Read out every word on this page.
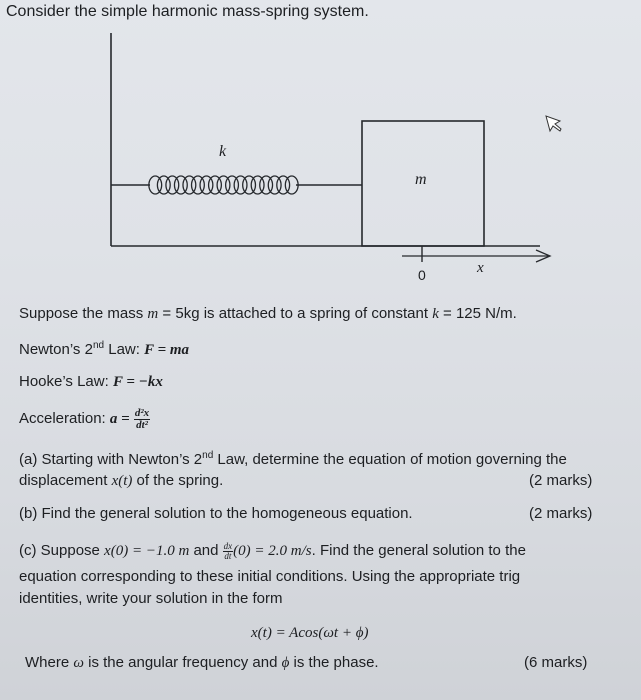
k
m
0	x
Consider the simple harmonic mass-spring system.
Suppose the mass m = 5kg is attached to a spring of constant k = 125 N/m.
Newton’s 2nd Law: F = ma
Hooke’s Law: F = −kx
Acceleration: $a = \frac{\text{d²x}}{\text{dt²}}$
(a) Starting with Newton’s 2nd Law, determine the equation of motion governing the
displacement x(t) of the spring.	(2 marks)
(b) Find the general solution to the homogeneous equation.	(2 marks)
(c) Suppose x(0) = −1.0 m and $\frac{dx}{dt} (0) = 2.0$ m/s. Find the general solution to the
equation corresponding to these initial conditions. Using the appropriate trig
identities, write your solution in the form
x(t) = Acos(ωt + ϕ)
Where ω is the angular frequency and ϕ is the phase.	(6 marks)
